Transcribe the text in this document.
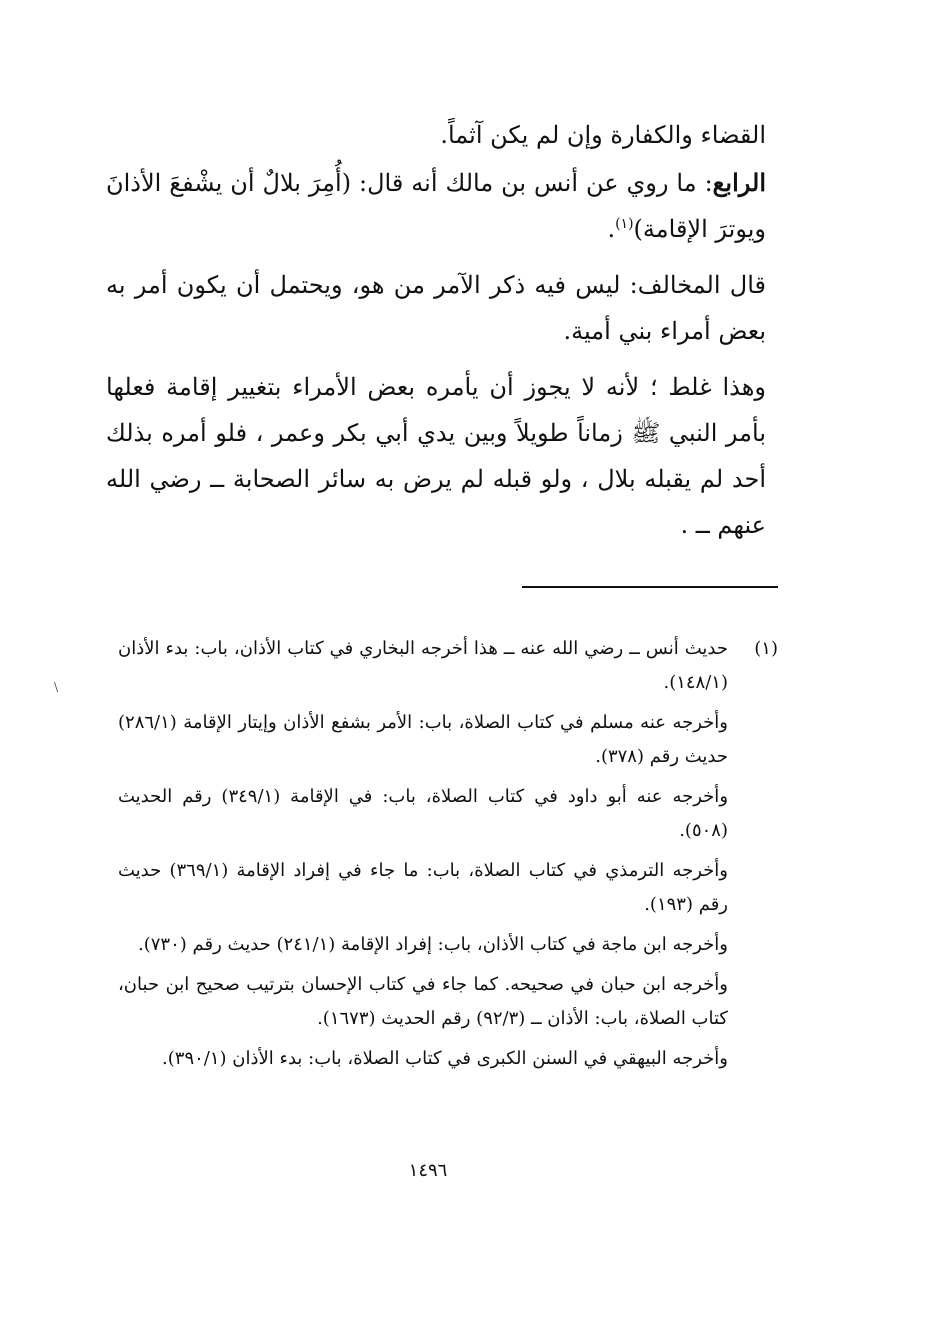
القضاء والكفارة وإن لم يكن آثماً.

الرابع: ما روي عن أنس بن مالك أنه قال: (أُمِرَ بلالٌ أن يشْفعَ الأذانَ ويوترَ الإقامة)$^{(١)}$.

قال المخالف: ليس فيه ذكر الآمر من هو، ويحتمل أن يكون أمر به بعض أمراء بني أمية.

وهذا غلط ؛ لأنه لا يجوز أن يأمره بعض الأمراء بتغيير إقامة فعلها بأمر النبي ﷺ زماناً طويلاً وبين يدي أبي بكر وعمر ، فلو أمره بذلك أحد لم يقبله بلال ، ولو قبله لم يرض به سائر الصحابة ــ رضي الله عنهم ــ .

(١)

حديث أنس ــ رضي الله عنه ــ هذا أخرجه البخاري في كتاب الأذان، باب: بدء الأذان (١٤٨/١).

وأخرجه عنه مسلم في كتاب الصلاة، باب: الأمر بشفع الأذان وإيتار الإقامة (٢٨٦/١) حديث رقم (٣٧٨).

وأخرجه عنه أبو داود في كتاب الصلاة، باب: في الإقامة (٣٤٩/١) رقم الحديث (٥٠٨).

وأخرجه الترمذي في كتاب الصلاة، باب: ما جاء في إفراد الإقامة (٣٦٩/١) حديث رقم (١٩٣).

وأخرجه ابن ماجة في كتاب الأذان، باب: إفراد الإقامة (٢٤١/١) حديث رقم (٧٣٠).

وأخرجه ابن حبان في صحيحه. كما جاء في كتاب الإحسان بترتيب صحيح ابن حبان، كتاب الصلاة، باب: الأذان ــ (٩٢/٣) رقم الحديث (١٦٧٣).

وأخرجه البيهقي في السنن الكبرى في كتاب الصلاة، باب: بدء الأذان (٣٩٠/١).

\
١٤٩٦
